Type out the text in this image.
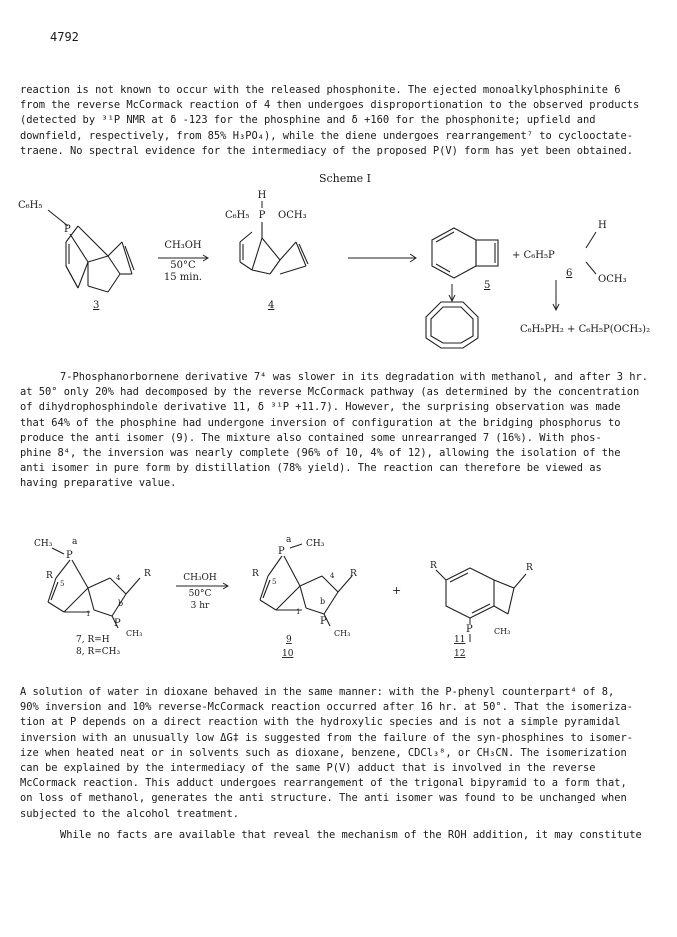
4792
reaction is not known to occur with the released phosphonite. The ejected monoalkylphosphinite 6
from the reverse McCormack reaction of 4 then undergoes disproportionation to the observed products
(detected by ³¹P NMR at δ -123 for the phosphine and δ +160 for the phosphonite; upfield and
downfield, respectively, from 85% H₃PO₄), while the diene undergoes rearrangement⁷ to cyclooctate-
traene. No spectral evidence for the intermediacy of the proposed P(V) form has yet been obtained.
Scheme I
C₆H₅
P
3
CH₃OH
50°C
15 min.
H
C₆H₅ P OCH₃
4
5
+ C₆H₅P
H
OCH₃
6
C₆H₅PH₂ + C₆H₅P(OCH₃)₂
7-Phosphanorbornene derivative 7⁴ was slower in its degradation with methanol, and after 3 hr.
at 50° only 20% had decomposed by the reverse McCormack pathway (as determined by the concentration
of dihydrophosphindole derivative 11, δ ³¹P +11.7). However, the surprising observation was made
that 64% of the phosphine had undergone inversion of configuration at the bridging phosphorus to
produce the anti isomer (9). The mixture also contained some unrearranged 7 (16%). With phos-
phine 8⁴, the inversion was nearly complete (96% of 10, 4% of 12), allowing the isolation of the
anti isomer in pure form by distillation (78% yield). The reaction can therefore be viewed as
having preparative value.
CH₃ a
P
R	R
5
4
1
b
P
CH₃
7, R=H
8, R=CH₃
CH₃OH
50°C
3 hr
a
P
CH₃
R	R
5
4
1
b
P
CH₃
9
10
+
R	R
P	CH₃
11
12
A solution of water in dioxane behaved in the same manner: with the P-phenyl counterpart⁴ of 8,
90% inversion and 10% reverse-McCormack reaction occurred after 16 hr. at 50°. That the isomeriza-
tion at P depends on a direct reaction with the hydroxylic species and is not a simple pyramidal
inversion with an unusually low ΔG‡ is suggested from the failure of the syn-phosphines to isomer-
ize when heated neat or in solvents such as dioxane, benzene, CDCl₃⁸, or CH₃CN. The isomerization
can be explained by the intermediacy of the same P(V) adduct that is involved in the reverse
McCormack reaction. This adduct undergoes rearrangement of the trigonal bipyramid to a form that,
on loss of methanol, generates the anti structure. The anti isomer was found to be unchanged when
subjected to the alcohol treatment.
While no facts are available that reveal the mechanism of the ROH addition, it may constitute
